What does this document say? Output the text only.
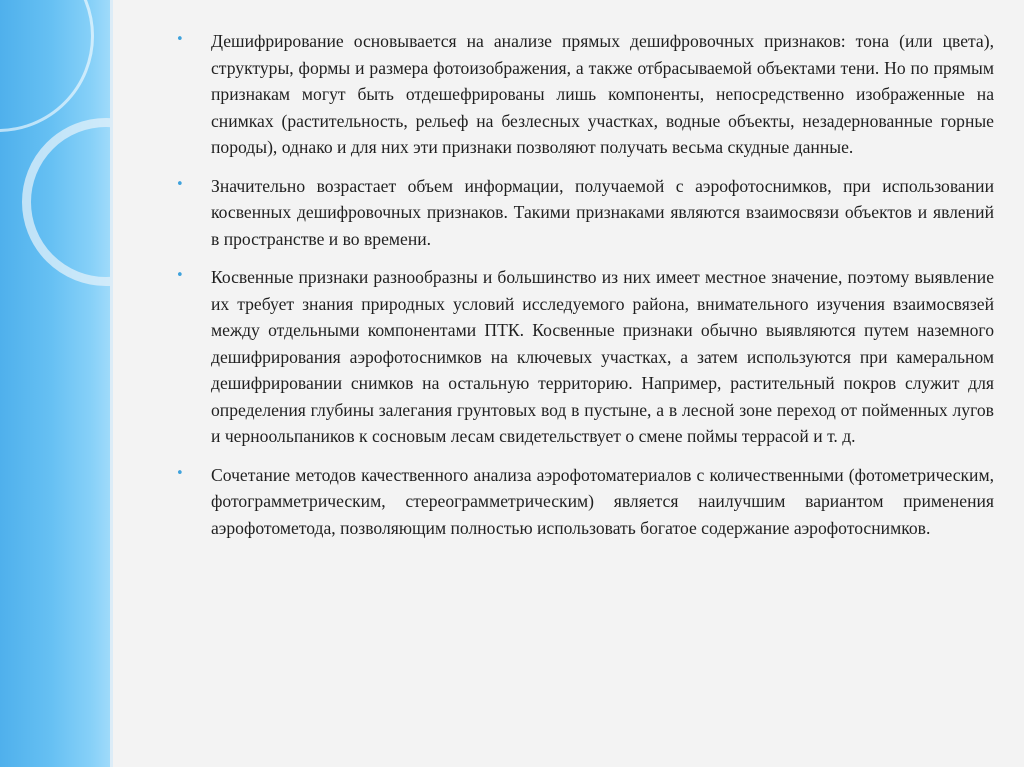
• Дешифрирование основывается на анализе прямых дешифровочных признаков: тона (или цвета), структуры, формы и размера фотоизображения, а также отбрасываемой объектами тени. Но по прямым признакам могут быть отдешефрированы лишь компоненты, непосредственно изображенные на снимках (растительность, рельеф на безлесных участках, водные объекты, незадернованные горные породы), однако и для них эти признаки позволяют получать весьма скудные данные.

• Значительно возрастает объем информации, получаемой с аэрофотоснимков, при использовании косвенных дешифровочных признаков. Такими признаками являются взаимосвязи объектов и явлений в пространстве и во времени.

• Косвенные признаки разнообразны и большинство из них имеет местное значение, поэтому выявление их требует знания природных условий исследуемого района, внимательного изучения взаимосвязей между отдельными компонентами ПТК. Косвенные признаки обычно выявляются путем наземного дешифрирования аэрофотоснимков на ключевых участках, а затем используются при камеральном дешифрировании снимков на остальную территорию. Например, растительный покров служит для определения глубины залегания грунтовых вод в пустыне, а в лесной зоне переход от пойменных лугов и черноольпаников к сосновым лесам свидетельствует о смене поймы террасой и т. д.

• Сочетание методов качественного анализа аэрофотоматериалов с количественными (фотометрическим, фотограмметрическим, стереограмметрическим) является наилучшим вариантом применения аэрофотометода, позволяющим полностью использовать богатое содержание аэрофотоснимков.
